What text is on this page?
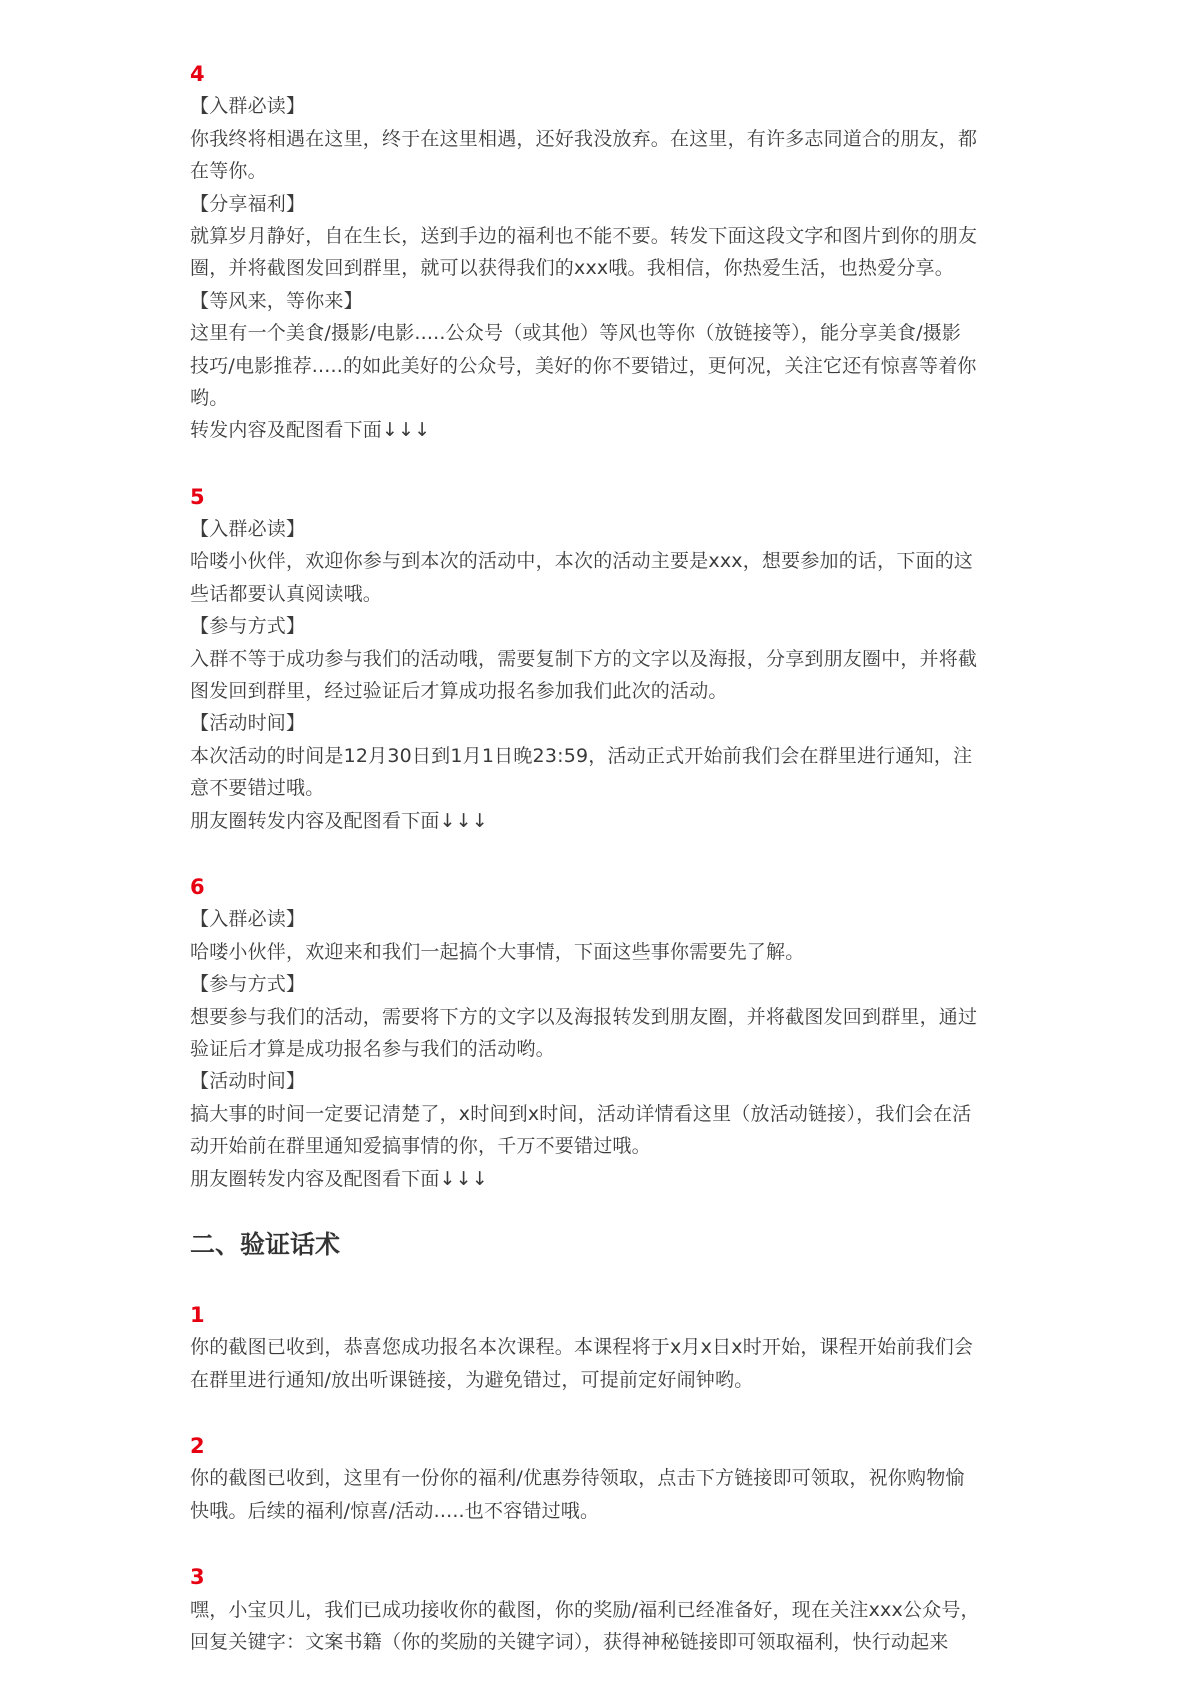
4
【入群必读】
你我终将相遇在这里，终于在这里相遇，还好我没放弃。在这里，有许多志同道合的朋友，都
在等你。
【分享福利】
就算岁月静好，自在生长，送到手边的福利也不能不要。转发下面这段文字和图片到你的朋友
圈，并将截图发回到群里，就可以获得我们的xxx哦。我相信，你热爱生活，也热爱分享。
【等风来，等你来】
这里有一个美食/摄影/电影.....公众号（或其他）等风也等你（放链接等），能分享美食/摄影
技巧/电影推荐.....的如此美好的公众号，美好的你不要错过，更何况，关注它还有惊喜等着你
哟。
转发内容及配图看下面↓↓↓
5
【入群必读】
哈喽小伙伴，欢迎你参与到本次的活动中，本次的活动主要是xxx，想要参加的话，下面的这
些话都要认真阅读哦。
【参与方式】
入群不等于成功参与我们的活动哦，需要复制下方的文字以及海报，分享到朋友圈中，并将截
图发回到群里，经过验证后才算成功报名参加我们此次的活动。
【活动时间】
本次活动的时间是12月30日到1月1日晚23:59，活动正式开始前我们会在群里进行通知，注
意不要错过哦。
朋友圈转发内容及配图看下面↓↓↓
6
【入群必读】
哈喽小伙伴，欢迎来和我们一起搞个大事情，下面这些事你需要先了解。
【参与方式】
想要参与我们的活动，需要将下方的文字以及海报转发到朋友圈，并将截图发回到群里，通过
验证后才算是成功报名参与我们的活动哟。
【活动时间】
搞大事的时间一定要记清楚了，x时间到x时间，活动详情看这里（放活动链接），我们会在活
动开始前在群里通知爱搞事情的你，千万不要错过哦。
朋友圈转发内容及配图看下面↓↓↓
二、验证话术
1
你的截图已收到，恭喜您成功报名本次课程。本课程将于x月x日x时开始，课程开始前我们会
在群里进行通知/放出听课链接，为避免错过，可提前定好闹钟哟。
2
你的截图已收到，这里有一份你的福利/优惠券待领取，点击下方链接即可领取，祝你购物愉
快哦。后续的福利/惊喜/活动.....也不容错过哦。
3
嘿，小宝贝儿，我们已成功接收你的截图，你的奖励/福利已经准备好，现在关注xxx公众号，
回复关键字：文案书籍（你的奖励的关键字词），获得神秘链接即可领取福利，快行动起来
